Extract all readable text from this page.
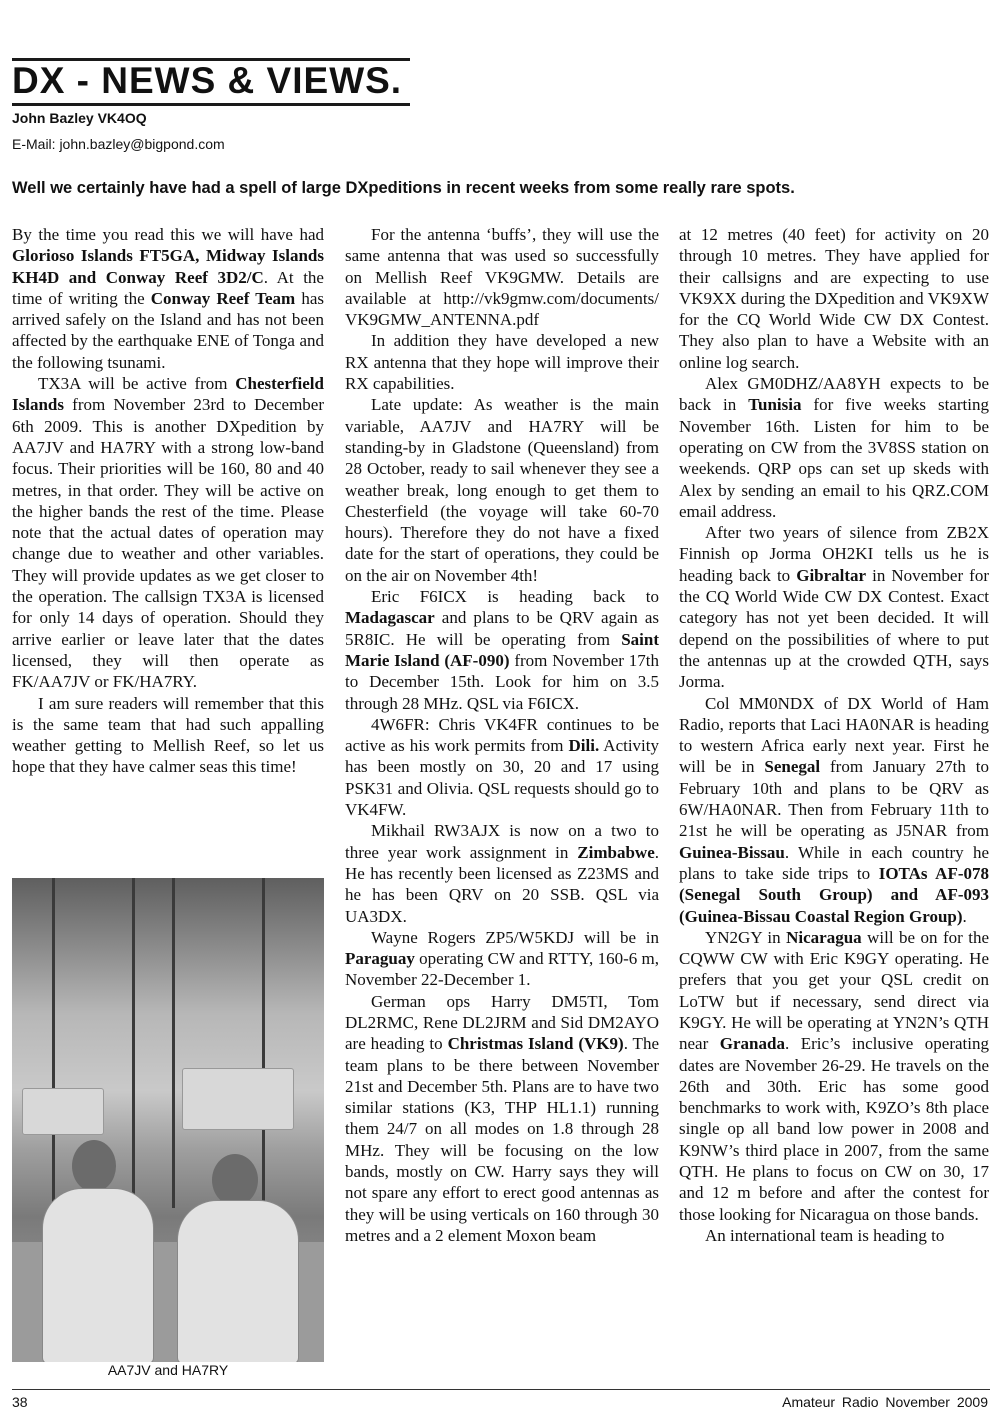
DX - NEWS & VIEWS.
John Bazley VK4OQ
E-Mail: john.bazley@bigpond.com
Well we certainly have had a spell of large DXpeditions in recent weeks from some really rare spots.

By the time you read this we will have had Glorioso Islands FT5GA, Midway Islands KH4D and Conway Reef 3D2/C. At the time of writing the Conway Reef Team has arrived safely on the Island and has not been affected by the earthquake ENE of Tonga and the following tsunami.

TX3A will be active from Chesterfield Islands from November 23rd to December 6th 2009. This is another DXpedition by AA7JV and HA7RY with a strong low-band focus. Their priorities will be 160, 80 and 40 metres, in that order. They will be active on the higher bands the rest of the time. Please note that the actual dates of operation may change due to weather and other variables. They will provide updates as we get closer to the operation. The callsign TX3A is licensed for only 14 days of operation. Should they arrive earlier or leave later that the dates licensed, they will then operate as FK/AA7JV or FK/HA7RY.

I am sure readers will remember that this is the same team that had such appalling weather getting to Mellish Reef, so let us hope that they have calmer seas this time!

AA7JV and HA7RY

For the antenna ‘buffs’, they will use the same antenna that was used so successfully on Mellish Reef VK9GMW. Details are available at http://vk9gmw.com/documents/ VK9GMW_ANTENNA.pdf

In addition they have developed a new RX antenna that they hope will improve their RX capabilities.

Late update: As weather is the main variable, AA7JV and HA7RY will be standing-by in Gladstone (Queensland) from 28 October, ready to sail whenever they see a weather break, long enough to get them to Chesterfield (the voyage will take 60-70 hours). Therefore they do not have a fixed date for the start of operations, they could be on the air on November 4th!

Eric F6ICX is heading back to Madagascar and plans to be QRV again as 5R8IC. He will be operating from Saint Marie Island (AF-090) from November 17th to December 15th. Look for him on 3.5 through 28 MHz. QSL via F6ICX.

4W6FR: Chris VK4FR continues to be active as his work permits from Dili. Activity has been mostly on 30, 20 and 17 using PSK31 and Olivia. QSL requests should go to VK4FW.

Mikhail RW3AJX is now on a two to three year work assignment in Zimbabwe. He has recently been licensed as Z23MS and he has been QRV on 20 SSB. QSL via UA3DX.

Wayne Rogers ZP5/W5KDJ will be in Paraguay operating CW and RTTY, 160-6 m, November 22-December 1.

German ops Harry DM5TI, Tom DL2RMC, Rene DL2JRM and Sid DM2AYO are heading to Christmas Island (VK9). The team plans to be there between November 21st and December 5th. Plans are to have two similar stations (K3, THP HL1.1) running them 24/7 on all modes on 1.8 through 28 MHz. They will be focusing on the low bands, mostly on CW. Harry says they will not spare any effort to erect good antennas as they will be using verticals on 160 through 30 metres and a 2 element Moxon beam

at 12 metres (40 feet) for activity on 20 through 10 metres. They have applied for their callsigns and are expecting to use VK9XX during the DXpedition and VK9XW for the CQ World Wide CW DX Contest. They also plan to have a Website with an online log search.

Alex GM0DHZ/AA8YH expects to be back in Tunisia for five weeks starting November 16th. Listen for him to be operating on CW from the 3V8SS station on weekends. QRP ops can set up skeds with Alex by sending an email to his QRZ.COM email address.

After two years of silence from ZB2X Finnish op Jorma OH2KI tells us he is heading back to Gibraltar in November for the CQ World Wide CW DX Contest. Exact category has not yet been decided. It will depend on the possibilities of where to put the antennas up at the crowded QTH, says Jorma.

Col MM0NDX of DX World of Ham Radio, reports that Laci HA0NAR is heading to western Africa early next year. First he will be in Senegal from January 27th to February 10th and plans to be QRV as 6W/HA0NAR. Then from February 11th to 21st he will be operating as J5NAR from Guinea-Bissau. While in each country he plans to take side trips to IOTAs AF-078 (Senegal South Group) and AF-093 (Guinea-Bissau Coastal Region Group).

YN2GY in Nicaragua will be on for the CQWW CW with Eric K9GY operating. He prefers that you get your QSL credit on LoTW but if necessary, send direct via K9GY. He will be operating at YN2N’s QTH near Granada. Eric’s inclusive operating dates are November 26-29. He travels on the 26th and 30th. Eric has some good benchmarks to work with, K9ZO’s 8th place single op all band low power in 2008 and K9NW’s third place in 2007, from the same QTH. He plans to focus on CW on 30, 17 and 12 m before and after the contest for those looking for Nicaragua on those bands.

An international team is heading to

38	Amateur Radio November 2009
